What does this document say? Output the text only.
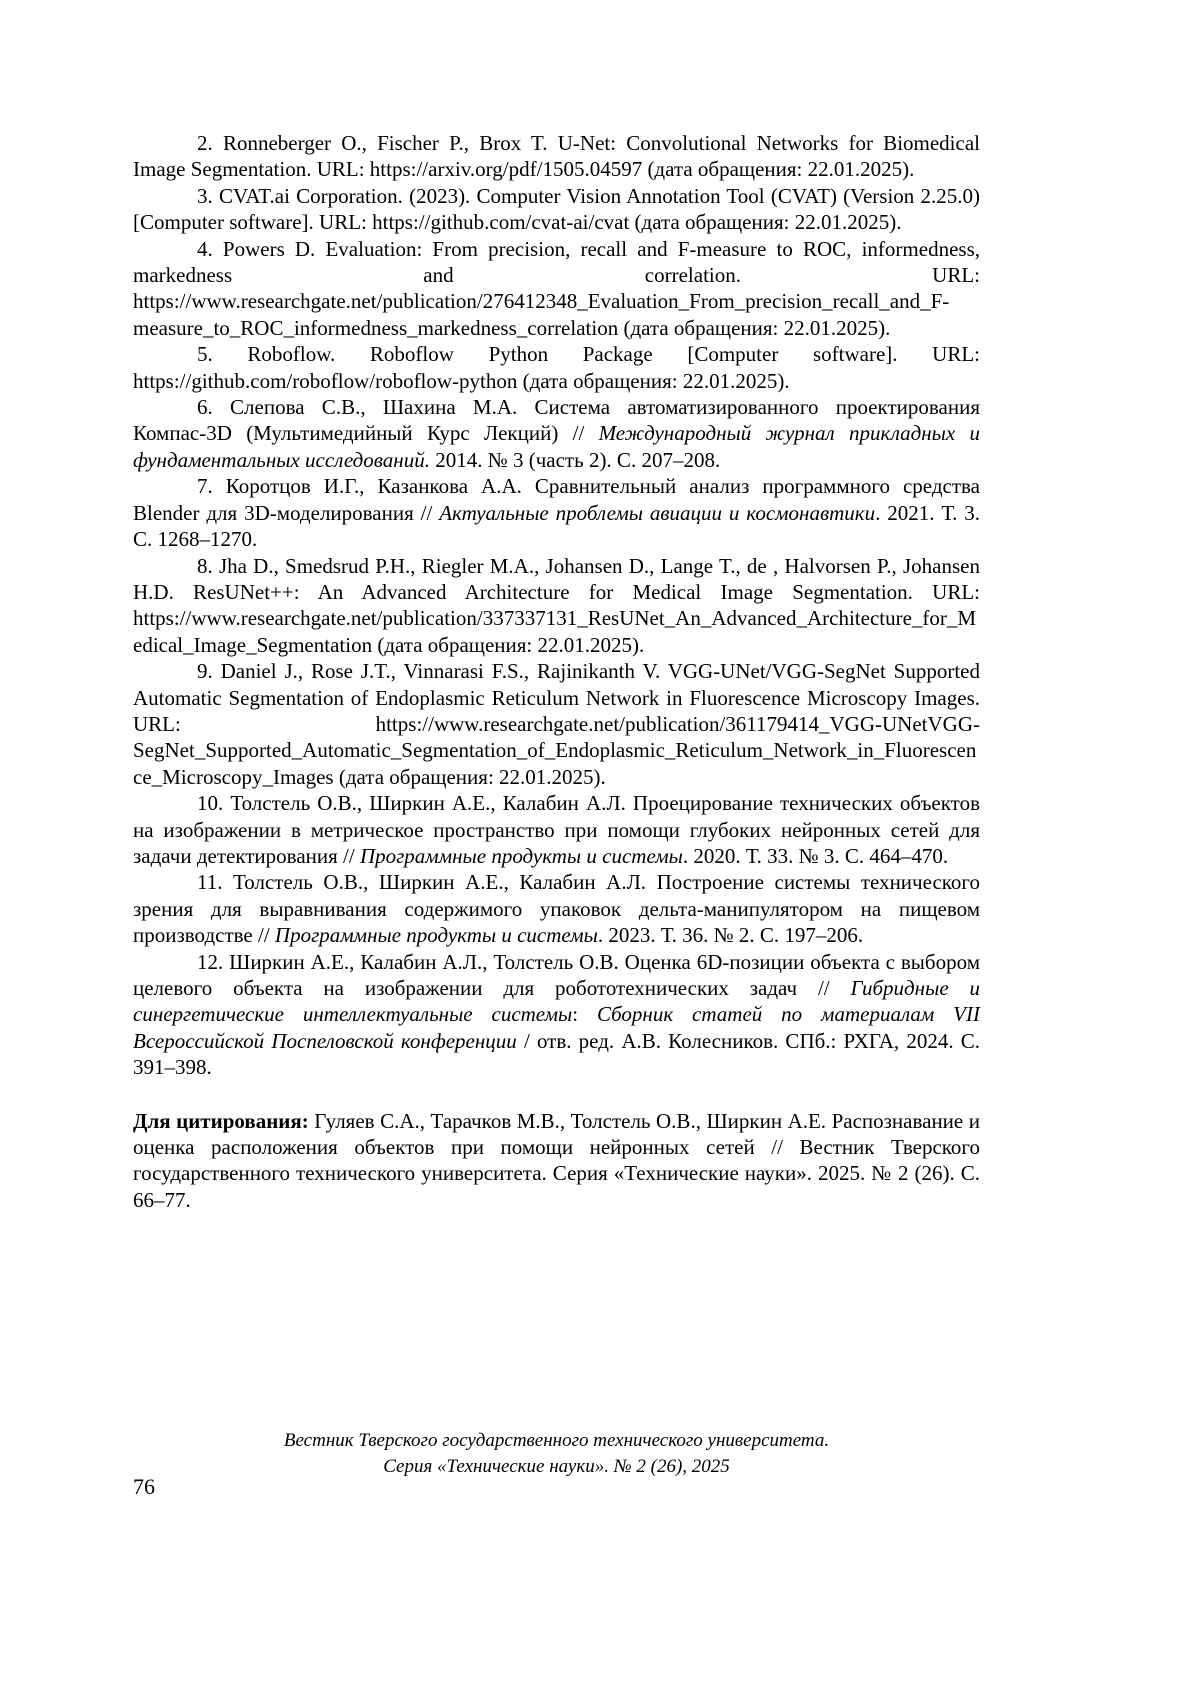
2. Ronneberger O., Fischer P., Brox T. U-Net: Convolutional Networks for Biomedical Image Segmentation. URL: https://arxiv.org/pdf/1505.04597 (дата обращения: 22.01.2025).

3. CVAT.ai Corporation. (2023). Computer Vision Annotation Tool (CVAT) (Version 2.25.0) [Computer software]. URL: https://github.com/cvat-ai/cvat (дата обращения: 22.01.2025).

4. Powers D. Evaluation: From precision, recall and F-measure to ROC, informedness, markedness and correlation. URL: https://www.researchgate.net/publication/276412348_Evaluation_From_precision_recall_and_F-measure_to_ROC_informedness_markedness_correlation (дата обращения: 22.01.2025).

5. Roboflow. Roboflow Python Package [Computer software]. URL: https://github.com/roboflow/roboflow-python (дата обращения: 22.01.2025).

6. Слепова С.В., Шахина М.А. Система автоматизированного проектирования Компас-3D (Мультимедийный Курс Лекций) // Международный журнал прикладных и фундаментальных исследований. 2014. № 3 (часть 2). С. 207–208.

7. Коротцов И.Г., Казанкова А.А. Сравнительный анализ программного средства Blender для 3D-моделирования // Актуальные проблемы авиации и космонавтики. 2021. Т. 3. С. 1268–1270.

8. Jha D., Smedsrud P.H., Riegler M.A., Johansen D., Lange T., de , Halvorsen P., Johansen H.D. ResUNet++: An Advanced Architecture for Medical Image Segmentation. URL: https://www.researchgate.net/publication/337337131_ResUNet_An_Advanced_Architecture_for_Medical_Image_Segmentation (дата обращения: 22.01.2025).

9. Daniel J., Rose J.T., Vinnarasi F.S., Rajinikanth V. VGG-UNet/VGG-SegNet Supported Automatic Segmentation of Endoplasmic Reticulum Network in Fluorescence Microscopy Images. URL: https://www.researchgate.net/publication/361179414_VGG-UNetVGG-SegNet_Supported_Automatic_Segmentation_of_Endoplasmic_Reticulum_Network_in_Fluorescence_Microscopy_Images (дата обращения: 22.01.2025).

10. Толстель О.В., Ширкин А.Е., Калабин А.Л. Проецирование технических объектов на изображении в метрическое пространство при помощи глубоких нейронных сетей для задачи детектирования // Программные продукты и системы. 2020. Т. 33. № 3. С. 464–470.

11. Толстель О.В., Ширкин А.Е., Калабин А.Л. Построение системы технического зрения для выравнивания содержимого упаковок дельта-манипулятором на пищевом производстве // Программные продукты и системы. 2023. Т. 36. № 2. С. 197–206.

12. Ширкин А.Е., Калабин А.Л., Толстель О.В. Оценка 6D-позиции объекта с выбором целевого объекта на изображении для робототехнических задач // Гибридные и синергетические интеллектуальные системы: Сборник статей по материалам VII Всероссийской Поспеловской конференции / отв. ред. А.В. Колесников. СПб.: РХГА, 2024. С. 391–398.

Для цитирования: Гуляев С.А., Тарачков М.В., Толстель О.В., Ширкин А.Е. Распознавание и оценка расположения объектов при помощи нейронных сетей // Вестник Тверского государственного технического университета. Серия «Технические науки». 2025. № 2 (26). С. 66–77.

Вестник Тверского государственного технического университета.
Серия «Технические науки». № 2 (26), 2025
76
